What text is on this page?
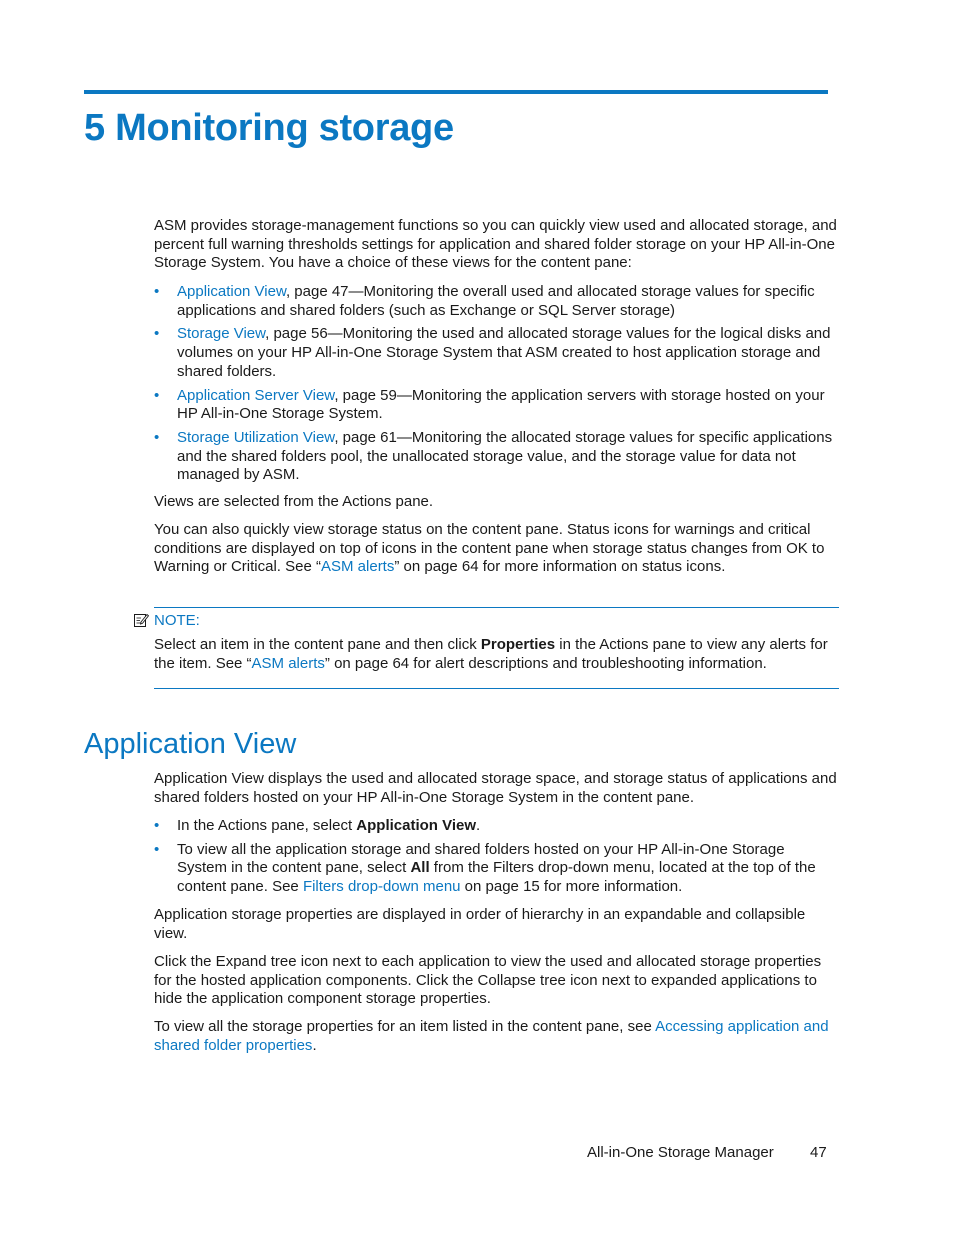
5 Monitoring storage

ASM provides storage-management functions so you can quickly view used and allocated storage, and percent full warning thresholds settings for application and shared folder storage on your HP All-in-One Storage System. You have a choice of these views for the content pane:

• Application View, page 47—Monitoring the overall used and allocated storage values for specific applications and shared folders (such as Exchange or SQL Server storage)
• Storage View, page 56—Monitoring the used and allocated storage values for the logical disks and volumes on your HP All-in-One Storage System that ASM created to host application storage and shared folders.
• Application Server View, page 59—Monitoring the application servers with storage hosted on your HP All-in-One Storage System.
• Storage Utilization View, page 61—Monitoring the allocated storage values for specific applications and the shared folders pool, the unallocated storage value, and the storage value for data not managed by ASM.

Views are selected from the Actions pane.

You can also quickly view storage status on the content pane. Status icons for warnings and critical conditions are displayed on top of icons in the content pane when storage status changes from OK to Warning or Critical. See “ASM alerts” on page 64 for more information on status icons.

NOTE:

Select an item in the content pane and then click Properties in the Actions pane to view any alerts for the item. See “ASM alerts” on page 64 for alert descriptions and troubleshooting information.

Application View

Application View displays the used and allocated storage space, and storage status of applications and shared folders hosted on your HP All-in-One Storage System in the content pane.

• In the Actions pane, select Application View.
• To view all the application storage and shared folders hosted on your HP All-in-One Storage System in the content pane, select All from the Filters drop-down menu, located at the top of the content pane. See Filters drop-down menu on page 15 for more information.

Application storage properties are displayed in order of hierarchy in an expandable and collapsible view.

Click the Expand tree icon next to each application to view the used and allocated storage properties for the hosted application components. Click the Collapse tree icon next to expanded applications to hide the application component storage properties.

To view all the storage properties for an item listed in the content pane, see Accessing application and shared folder properties.

All-in-One Storage Manager 47
